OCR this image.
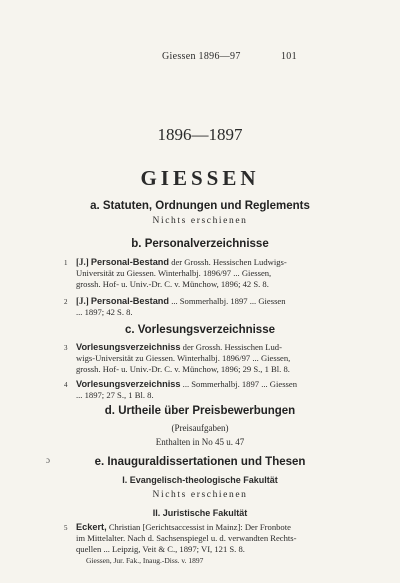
Giessen 1896—97	101
1896—1897
GIESSEN
a. Statuten, Ordnungen und Reglements
Nichts erschienen
b. Personalverzeichnisse
1 [J.] Personal-Bestand der Grossh. Hessischen Ludwigs-
Universität zu Giessen. Winterhalbj. 1896/97 ... Giessen,
grossh. Hof- u. Univ.-Dr. C. v. Münchow, 1896; 42 S. 8.
2 [J.] Personal-Bestand ... Sommerhalbj. 1897 ... Giessen
... 1897; 42 S. 8.
c. Vorlesungsverzeichnisse
3 Vorlesungsverzeichniss der Grossh. Hessischen Lud-
wigs-Universität zu Giessen. Winterhalbj. 1896/97 ... Giessen,
grossh. Hof- u. Univ.-Dr. C. v. Münchow, 1896; 29 S., 1 Bl. 8.
4 Vorlesungsverzeichniss ... Sommerhalbj. 1897 ... Giessen
... 1897; 27 S., 1 Bl. 8.
d. Urtheile über Preisbewerbungen
(Preisaufgaben)
Enthalten in No 45 u. 47
ɔ	e. Inauguraldissertationen und Thesen
I. Evangelisch-theologische Fakultät
Nichts erschienen
II. Juristische Fakultät
5 Eckert, Christian [Gerichtsaccessist in Mainz]: Der Fronbote
im Mittelalter. Nach d. Sachsenspiegel u. d. verwandten Rechts-
quellen ... Leipzig, Veit & C., 1897; VI, 121 S. 8.
Giessen, Jur. Fak., Inaug.-Diss. v. 1897
